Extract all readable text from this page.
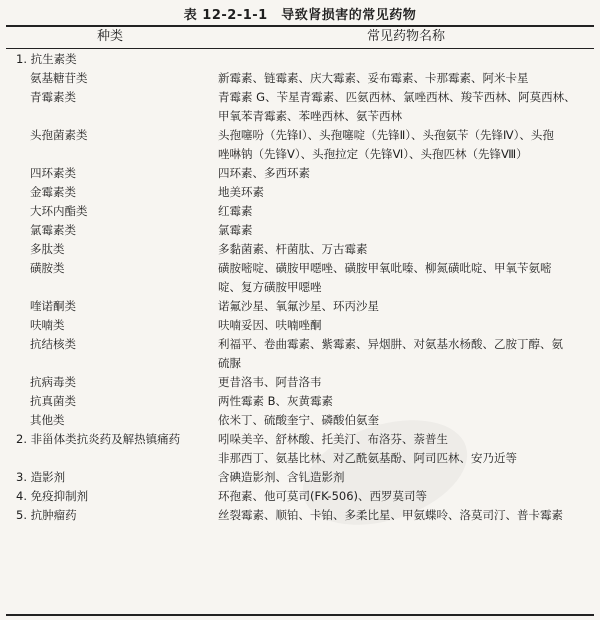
表 12-2-1-1　导致肾损害的常见药物
种类	常见药物名称
1. 抗生素类

氨基糖苷类	新霉素、链霉素、庆大霉素、妥布霉素、卡那霉素、阿米卡星
青霉素类	青霉素 G、苄星青霉素、匹氨西林、氯唑西林、羧苄西林、阿莫西林、
甲氧苯青霉素、苯唑西林、氨苄西林
头孢菌素类	头孢噻吩（先锋Ⅰ）、头孢噻啶（先锋Ⅱ）、头孢氨苄（先锋Ⅳ）、头孢
唑啉钠（先锋Ⅴ）、头孢拉定（先锋Ⅵ）、头孢匹林（先锋Ⅷ）
四环素类	四环素、多西环素
金霉素类	地美环素
大环内酯类	红霉素
氯霉素类	氯霉素
多肽类	多黏菌素、杆菌肽、万古霉素
磺胺类	磺胺嘧啶、磺胺甲噁唑、磺胺甲氧吡嗪、柳氮磺吡啶、甲氧苄氨嘧
啶、复方磺胺甲噁唑
喹诺酮类	诺氟沙星、氧氟沙星、环丙沙星
呋喃类	呋喃妥因、呋喃唑酮
抗结核类	利福平、卷曲霉素、紫霉素、异烟肼、对氨基水杨酸、乙胺丁醇、氨
硫脲
抗病毒类	更昔洛韦、阿昔洛韦
抗真菌类	两性霉素 B、灰黄霉素
其他类	依米丁、硫酸奎宁、磷酸伯氨奎
2. 非甾体类抗炎药及解热镇痛药	吲哚美辛、舒林酸、托美汀、布洛芬、萘普生
非那西丁、氨基比林、对乙酰氨基酚、阿司匹林、安乃近等
3. 造影剂	含碘造影剂、含钆造影剂
4. 免疫抑制剂	环孢素、他可莫司(FK-506)、西罗莫司等
5. 抗肿瘤药	丝裂霉素、顺铂、卡铂、多柔比星、甲氨蝶呤、洛莫司汀、普卡霉素
